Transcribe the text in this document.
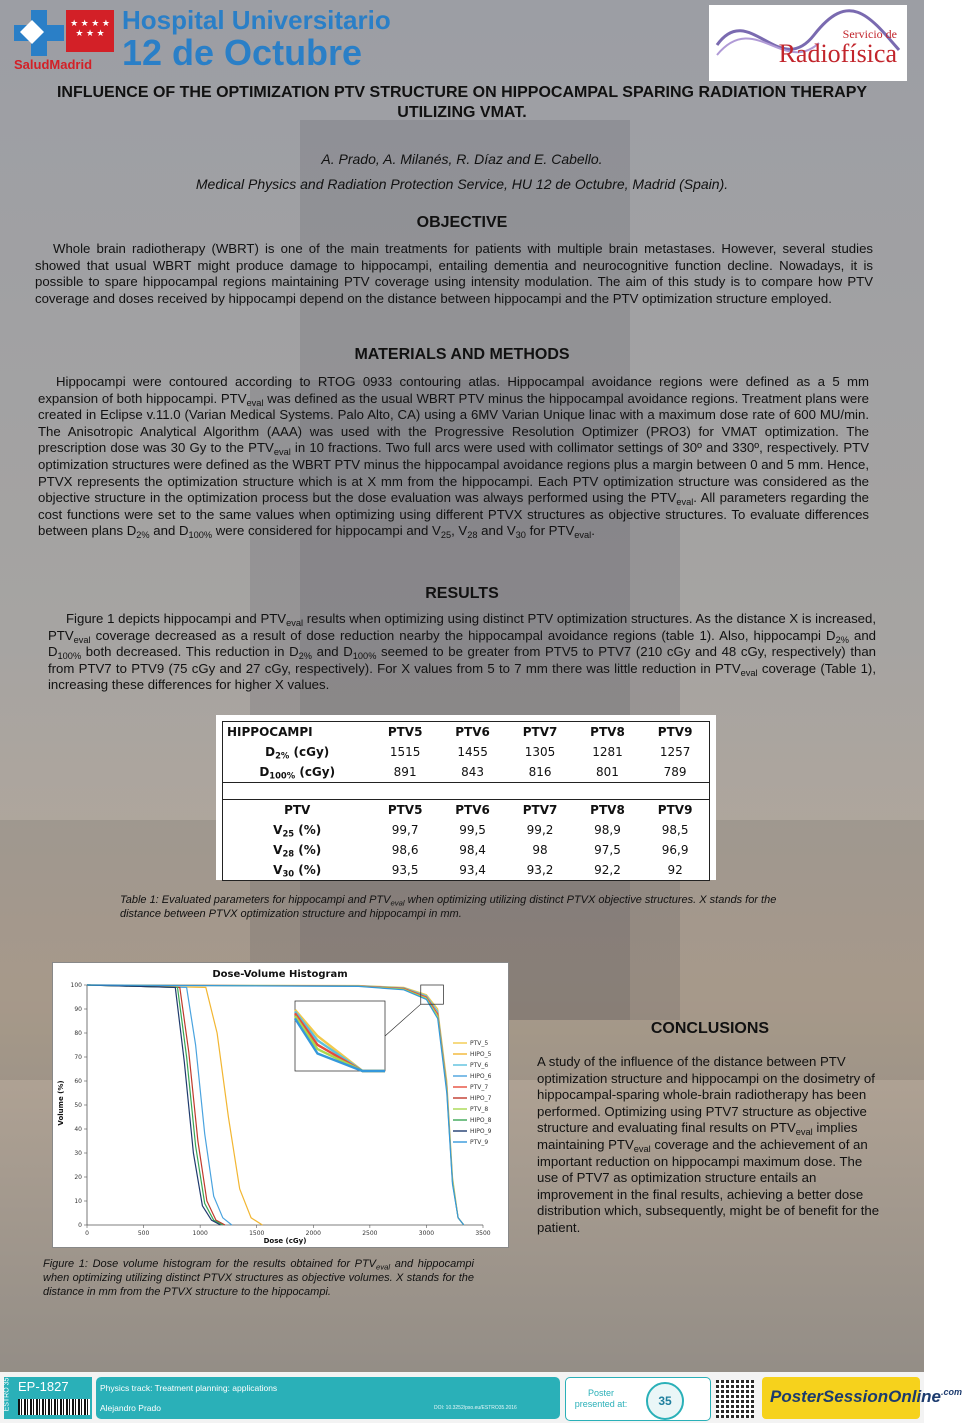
★ ★ ★ ★
★ ★ ★
SaludMadrid
Hospital Universitario
12 de Octubre	Servicio de
Radiofísica
INFLUENCE OF THE OPTIMIZATION PTV STRUCTURE ON HIPPOCAMPAL SPARING RADIATION THERAPY UTILIZING VMAT.
A. Prado, A. Milanés, R. Díaz and E. Cabello.
Medical Physics and Radiation Protection Service, HU 12 de Octubre, Madrid (Spain).
OBJECTIVE
Whole brain radiotherapy (WBRT) is one of the main treatments for patients with multiple brain metastases. However, several studies showed that usual WBRT might produce damage to hippocampi, entailing dementia and neurocognitive function decline. Nowadays, it is possible to spare hippocampal regions maintaining PTV coverage using intensity modulation. The aim of this study is to compare how PTV coverage and doses received by hippocampi depend on the distance between hippocampi and the PTV optimization structure employed.
MATERIALS AND METHODS
Hippocampi were contoured according to RTOG 0933 contouring atlas. Hippocampal avoidance regions were defined as a 5 mm expansion of both hippocampi. $PTV_{eval}$ was defined as the usual WBRT PTV minus the hippocampal avoidance regions. Treatment plans were created in Eclipse v.11.0 (Varian Medical Systems. Palo Alto, CA) using a 6MV Varian Unique linac with a maximum dose rate of 600 MU/min. The Anisotropic Analytical Algorithm (AAA) was used with the Progressive Resolution Optimizer (PRO3) for VMAT optimization. The prescription dose was 30 Gy to the $PTV_{eval}$ in 10 fractions. Two full arcs were used with collimator settings of 30º and 330º, respectively. PTV optimization structures were defined as the WBRT PTV minus the hippocampal avoidance regions plus a margin between 0 and 5 mm. Hence, PTVX represents the optimization structure which is at X mm from the hippocampi. Each PTV optimization structure was considered as the objective structure in the optimization process but the dose evaluation was always performed using the $PTV_{eval}$. All parameters regarding the cost functions were set to the same values when optimizing using different PTVX structures as objective structures. To evaluate differences between plans $D_{2\%}$ and $D_{100\%}$ were considered for hippocampi and $V_{25}$, $V_{28}$ and $V_{30}$ for $PTV_{eval}$.
RESULTS
Figure 1 depicts hippocampi and $PTV_{eval}$ results when optimizing using distinct PTV optimization structures. As the distance X is increased, $PTV_{eval}$ coverage decreased as a result of dose reduction nearby the hippocampal avoidance regions (table 1). Also, hippocampi $D_{2\%}$ and $D_{100\%}$ both decreased. This reduction in $D_{2\%}$ and $D_{100\%}$ seemed to be greater from PTV5 to PTV7 (210 cGy and 48 cGy, respectively) than from PTV7 to PTV9 (75 cGy and 27 cGy, respectively). For X values from 5 to 7 mm there was little reduction in $PTV_{eval}$ coverage (Table 1), increasing these differences for higher X values.
HIPPOCAMPI	PTV5	PTV6	PTV7	PTV8	PTV9
$D_{2\%}$ (cGy)	1515	1455	1305	1281	1257
$D_{100\%}$ (cGy)	891	843	816	801	789

PTV	PTV5	PTV6	PTV7	PTV8	PTV9
$V_{25}$ (%)	99,7	99,5	99,2	98,9	98,5
$V_{28}$ (%)	98,6	98,4	98	97,5	96,9
$V_{30}$ (%)	93,5	93,4	93,2	92,2	92
Table 1: Evaluated parameters for hippocampi and $PTV_{eval}$ when optimizing utilizing distinct PTVX objective structures. X stands for the distance between PTVX optimization structure and hippocampi in mm.
Dose-Volume Histogram
Dose (cGy)
Volume (%)
0	500	1000	1500	2000	2500	3000	3500
0
10
20
30
40
50
60
70
80
90
100
PTV_5
HIPO_5
PTV_6
HIPO_6
PTV_7
HIPO_7
PTV_8
HIPO_8
HIPO_9
PTV_9
Figure 1: Dose volume histogram for the results obtained for $PTV_{eval}$ and hippocampi when optimizing utilizing distinct PTVX structures as objective volumes. X stands for the distance in mm from the PTVX structure to the hippocampi.
CONCLUSIONS
A study of the influence of the distance between PTV optimization structure and hippocampi on the dosimetry of hippocampal-sparing whole-brain radiotherapy has been performed. Optimizing using PTV7 structure as objective structure and evaluating final results on $PTV_{eval}$ implies maintaining $PTV_{eval}$ coverage and the achievement of an important reduction on hippocampi maximum dose. The use of PTV7 as optimization structure entails an improvement in the final results, achieving a better dose distribution which, subsequently, might be of benefit for the patient.
ESTRO 35 EP-1827	Physics track: Treatment planning: applications
Alejandro Prado	DOI: 10.3252/pso.eu/ESTRO35.2016
Poster
presented at:	35	PosterSessionOnline$^{.com}$
